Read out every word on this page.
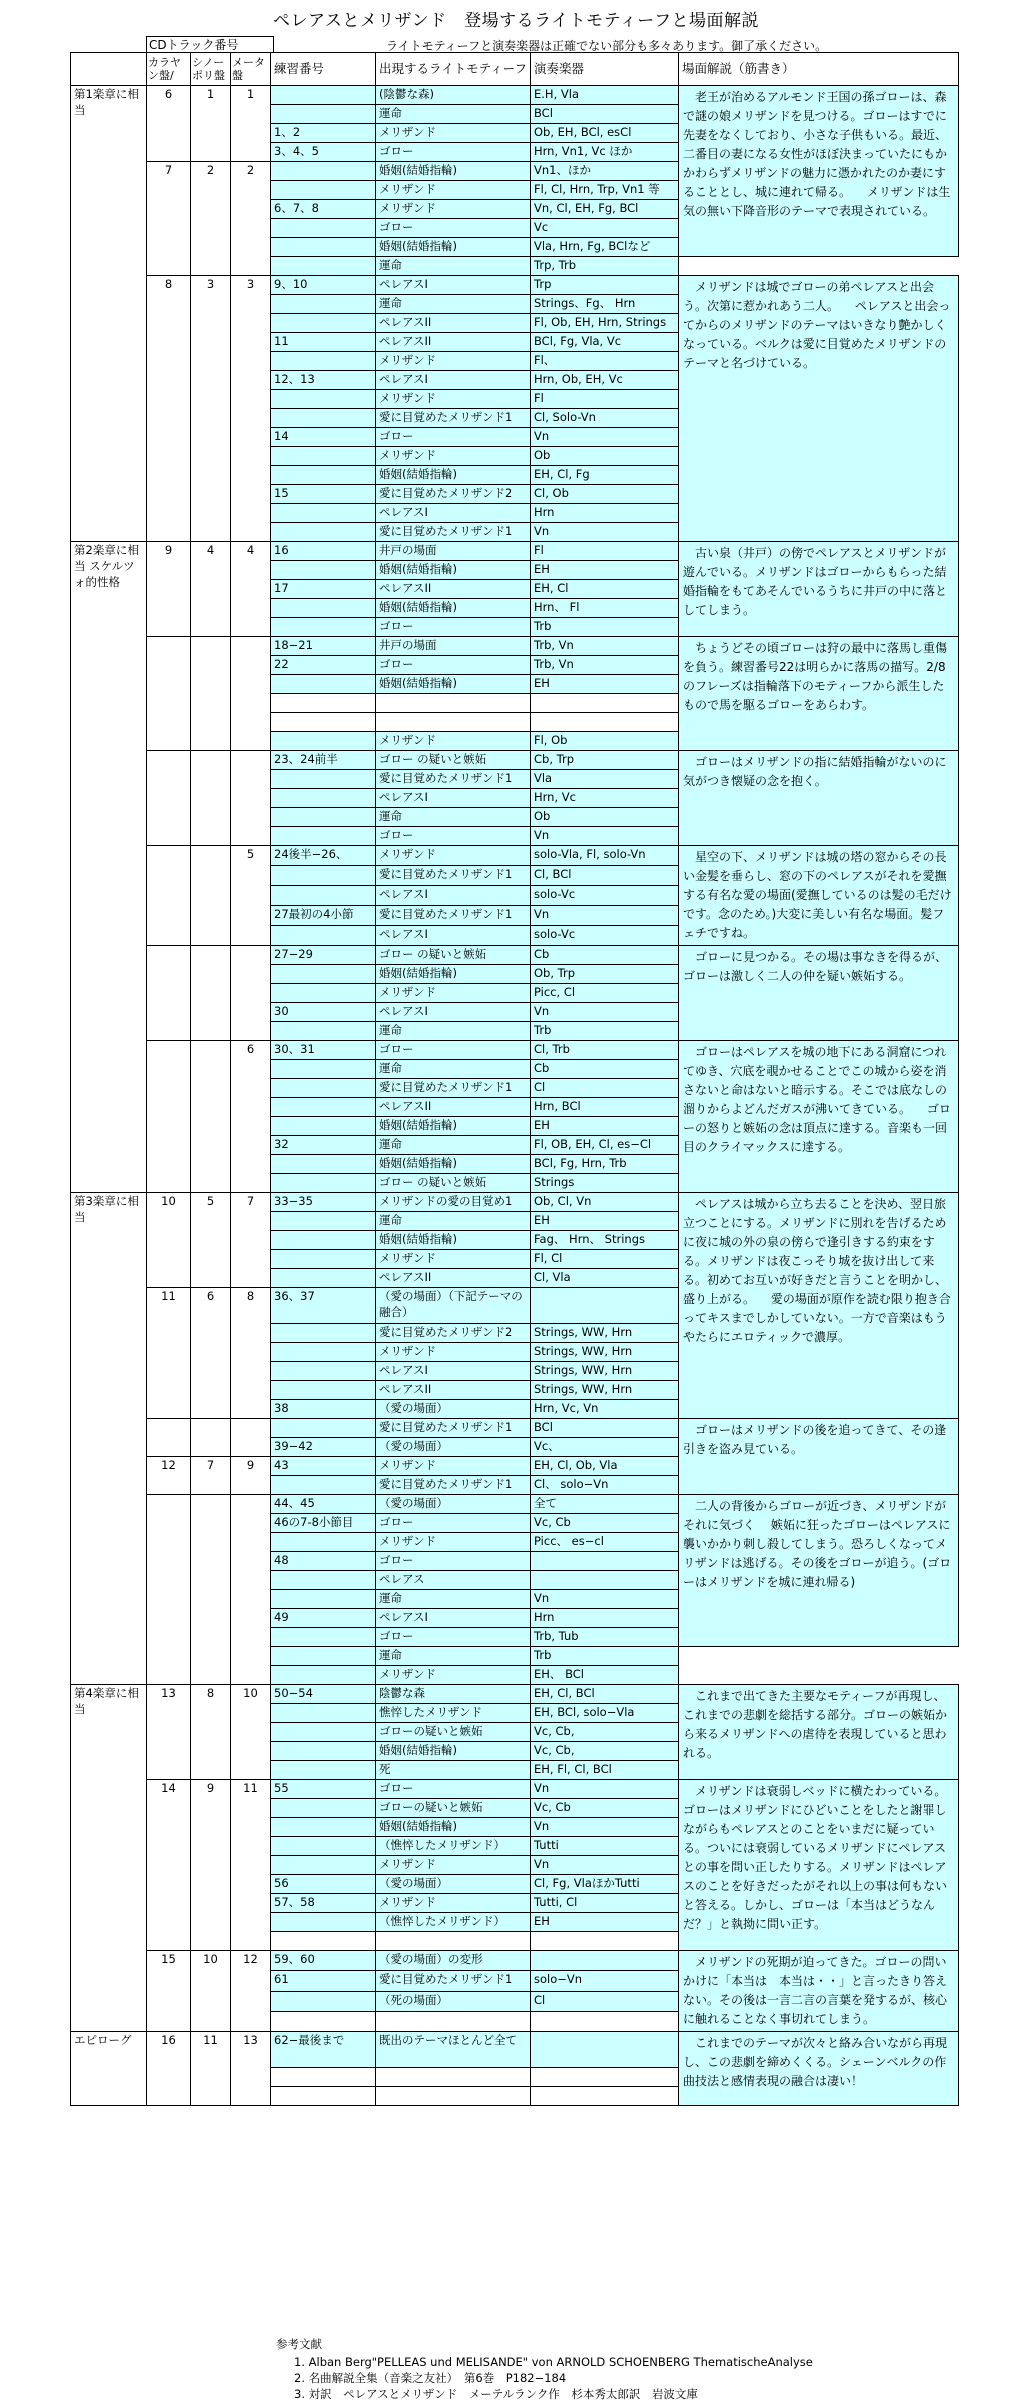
ペレアスとメリザンド　登場するライトモティーフと場面解説
CDトラック番号	ライトモティーフと演奏楽器は正確でない部分も多々あります。御了承ください。
	カラヤン盤/	シノーポリ盤	メータ盤	練習番号	出現するライトモティーフ	演奏楽器	場面解説（筋書き）
第1楽章に相当	6	1	1		(陰鬱な森)	E.H, Vla	　老王が治めるアルモンド王国の孫ゴローは、森で謎の娘メリザンドを見つける。ゴローはすでに先妻をなくしており、小さな子供もいる。最近、二番目の妻になる女性がほぼ決まっていたにもかかわらずメリザンドの魅力に憑かれたのか妻にすることとし、城に連れて帰る。 　メリザンドは生気の無い下降音形のテーマで表現されている。
					運命	BCl	
				1、2	メリザンド	Ob, EH, BCl, esCl	
				3、4、5	ゴロー	Hrn, Vn1, Vc ほか	
	7	2	2		婚姻(結婚指輪)	Vn1、ほか	
					メリザンド	Fl, Cl, Hrn, Trp, Vn1 等	
				6、7、8	メリザンド	Vn, Cl, EH, Fg, BCl	
					ゴロー	Vc	
					婚姻(結婚指輪)	Vla, Hrn, Fg, BClなど	
					運命	Trp, Trb	
	8	3	3	9、10	ペレアスI	Trp	　メリザンドは城でゴローの弟ペレアスと出会う。次第に惹かれあう二人。 　ペレアスと出会ってからのメリザンドのテーマはいきなり艶かしくなっている。ベルクは愛に目覚めたメリザンドのテーマと名づけている。
					運命	Strings、Fg、 Hrn	
					ペレアスII	Fl, Ob, EH, Hrn, Strings	
				11	ペレアスII	BCl, Fg, Vla, Vc	
					メリザンド	Fl、	
				12、13	ペレアスI	Hrn, Ob, EH, Vc	
					メリザンド	Fl	
					愛に目覚めたメリザンド1	Cl, Solo-Vn	
				14	ゴロー	Vn	
					メリザンド	Ob	
					婚姻(結婚指輪)	EH, Cl, Fg	
				15	愛に目覚めたメリザンド2	Cl, Ob	
					ペレアスI	Hrn	
					愛に目覚めたメリザンド1	Vn	
第2楽章に相当 スケルツォ的性格	9	4	4	16	井戸の場面	Fl	　古い泉（井戸）の傍でペレアスとメリザンドが遊んでいる。メリザンドはゴローからもらった結婚指輪をもてあそんでいるうちに井戸の中に落としてしまう。
					婚姻(結婚指輪)	EH	
				17	ペレアスII	EH, Cl	
					婚姻(結婚指輪)	Hrn、 Fl	
					ゴロー	Trb	
				18−21	井戸の場面	Trb, Vn	　ちょうどその頃ゴローは狩の最中に落馬し重傷を負う。練習番号22は明らかに落馬の描写。2/8のフレーズは指輪落下のモティーフから派生したもので馬を駆るゴローをあらわす。
				22	ゴロー	Trb, Vn	
					婚姻(結婚指輪)	EH	

					メリザンド	Fl, Ob	
				23、24前半	ゴロー の疑いと嫉妬	Cb, Trp	　ゴローはメリザンドの指に結婚指輪がないのに気がつき懐疑の念を抱く。
					愛に目覚めたメリザンド1	Vla	
					ペレアスI	Hrn, Vc	
					運命	Ob	
					ゴロー	Vn	
			5	24後半−26、	メリザンド	solo-Vla, Fl, solo-Vn	　星空の下、メリザンドは城の塔の窓からその長い金髪を垂らし、窓の下のペレアスがそれを愛撫する有名な愛の場面(愛撫しているのは髪の毛だけです。念のため。)大変に美しい有名な場面。髪フェチですね。
					愛に目覚めたメリザンド1	Cl, BCl	
					ペレアスI	solo-Vc	
				27最初の4小節	愛に目覚めたメリザンド1	Vn	
					ペレアスI	solo-Vc	
				27−29	ゴロー の疑いと嫉妬	Cb	　ゴローに見つかる。その場は事なきを得るが、ゴローは激しく二人の仲を疑い嫉妬する。
					婚姻(結婚指輪)	Ob, Trp	
					メリザンド	Picc, Cl	
				30	ペレアスI	Vn	
					運命	Trb	
			6	30、31	ゴロー	Cl, Trb	　ゴローはペレアスを城の地下にある洞窟につれてゆき、穴底を覗かせることでこの城から姿を消さないと命はないと暗示する。そこでは底なしの溜りからよどんだガスが沸いてきている。 　ゴローの怒りと嫉妬の念は頂点に達する。音楽も一回目のクライマックスに達する。
					運命	Cb	
					愛に目覚めたメリザンド1	Cl	
					ペレアスII	Hrn, BCl	
					婚姻(結婚指輪)	EH	
				32	運命	Fl, OB, EH, Cl, es−Cl	
					婚姻(結婚指輪)	BCl, Fg, Hrn, Trb	
					ゴロー の疑いと嫉妬	Strings	
第3楽章に相当	10	5	7	33−35	メリザンドの愛の目覚め1	Ob, Cl, Vn	　ペレアスは城から立ち去ることを決め、翌日旅立つことにする。メリザンドに別れを告げるために夜に城の外の泉の傍らで逢引きする約束をする。メリザンドは夜こっそり城を抜け出して来る。初めてお互いが好きだと言うことを明かし、盛り上がる。 　愛の場面が原作を読む限り抱き合ってキスまでしかしていない。一方で音楽はもうやたらにエロティックで濃厚。
					運命	EH	
					婚姻(結婚指輪)	Fag、 Hrn、 Strings	
					メリザンド	Fl, Cl	
					ペレアスII	Cl, Vla	
	11	6	8	36、37	（愛の場面）（下記テーマの融合）		
					愛に目覚めたメリザンド2	Strings, WW, Hrn	
					メリザンド	Strings, WW, Hrn	
					ペレアスI	Strings, WW, Hrn	
					ペレアスII	Strings, WW, Hrn	
				38	（愛の場面）	Hrn, Vc, Vn	
					愛に目覚めたメリザンド1	BCl	　ゴローはメリザンドの後を追ってきて、その逢引きを盗み見ている。
				39−42	（愛の場面）	Vc、	
	12	7	9	43	メリザンド	EH, Cl, Ob, Vla	
					愛に目覚めたメリザンド1	Cl、 solo−Vn	
				44、45	（愛の場面）	全て	　二人の背後からゴローが近づき、メリザンドがそれに気づく 　嫉妬に狂ったゴローはペレアスに襲いかかり刺し殺してしまう。恐ろしくなってメリザンドは逃げる。その後をゴローが追う。(ゴローはメリザンドを城に連れ帰る)
				46の7-8小節目	ゴロー	Vc, Cb	
					メリザンド	Picc、 es−cl	
				48	ゴロー		
					ペレアス		
					運命	Vn	
				49	ペレアスI	Hrn	
					ゴロー	Trb, Tub	
					運命	Trb	
					メリザンド	EH、 BCl	
第4楽章に相当	13	8	10	50−54	陰鬱な森	EH, Cl, BCl	　これまで出てきた主要なモティーフが再現し、これまでの悲劇を総括する部分。ゴローの嫉妬から来るメリザンドへの虐待を表現していると思われる。
					憔悴したメリザンド	EH, BCl, solo−Vla	
					ゴローの疑いと嫉妬	Vc, Cb,	
					婚姻(結婚指輪)	Vc, Cb,	
					死	EH, Fl, Cl, BCl	
	14	9	11	55	ゴロー	Vn	　メリザンドは衰弱しベッドに横たわっている。ゴローはメリザンドにひどいことをしたと謝罪しながらもペレアスとのことをいまだに疑っている。ついには衰弱しているメリザンドにペレアスとの事を問い正したりする。メリザンドはペレアスのことを好きだったがそれ以上の事は何もないと答える。しかし、ゴローは「本当はどうなんだ？」と執拗に問い正す。
					ゴローの疑いと嫉妬	Vc, Cb	
					婚姻(結婚指輪)	Vn	
					（憔悴したメリザンド）	Tutti	
					メリザンド	Vn	
				56	（愛の場面）	Cl, Fg, VlaほかTutti	
				57、58	メリザンド	Tutti, Cl	
					（憔悴したメリザンド）	EH	

	15	10	12	59、60	（愛の場面）の変形		　メリザンドの死期が迫ってきた。ゴローの問いかけに「本当は　本当は・・」と言ったきり答えない。その後は一言二言の言葉を発するが、核心に触れることなく事切れてしまう。
				61	愛に目覚めたメリザンド1	solo−Vn	
					（死の場面）	Cl	

エピローグ	16	11	13	62−最後まで	既出のテーマほとんど全て		　これまでのテーマが次々と絡み合いながら再現し、この悲劇を締めくくる。シェーンベルクの作曲技法と感情表現の融合は凄い！

参考文献
1. Alban Berg"PELLEAS und MELISANDE" von ARNOLD SCHOENBERG ThematischeAnalyse
2. 名曲解説全集（音楽之友社）　第6巻　P182−184
3. 対訳　ペレアスとメリザンド　メーテルランク作　杉本秀太郎訳　岩波文庫
